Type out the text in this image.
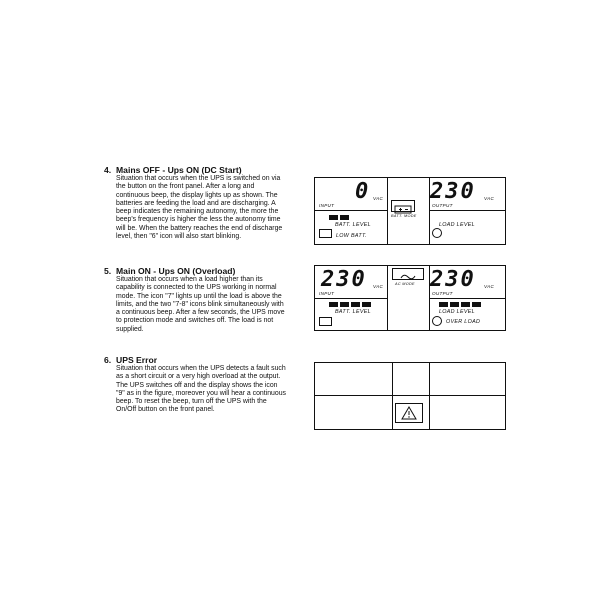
4. Mains OFF - Ups ON (DC Start)
Situation that occurs when the UPS is switched on via
the button on the front panel. After a long and
continuous beep, the display lights up as shown. The
batteries are feeding the load and are discharging. A
beep indicates the remaining autonomy, the more the
beep's frequency is higher the less the autonomy time
will be. When the battery reaches the end of discharge
level, then "6" icon will also start blinking.
5. Main ON - Ups ON (Overload)
Situation that occurs when a load higher than its
capability is connected to the UPS working in normal
mode. The icon "7" lights up until the load is above the
limits, and the two "7-8" icons blink simultaneously with
a continuous beep. After a few seconds, the UPS move
to protection mode and switches off. The load is not
supplied.
6. UPS Error
Situation that occurs when the UPS detects a fault such
as a short circuit or a very high overload at the output.
The UPS switches off and the display shows the icon
"9" as in the figure, moreover you will hear a continuous
beep. To reset the beep, turn off the UPS with the
On/Off button on the front panel.
0 VAC
INPUT
BATT. MODE
230 VAC
OUTPUT
BATT. LEVEL
LOW BATT.
LOAD LEVEL
230 VAC
INPUT
AC MODE 230 VAC
OUTPUT
BATT. LEVEL	LOAD LEVEL
OVER LOAD
